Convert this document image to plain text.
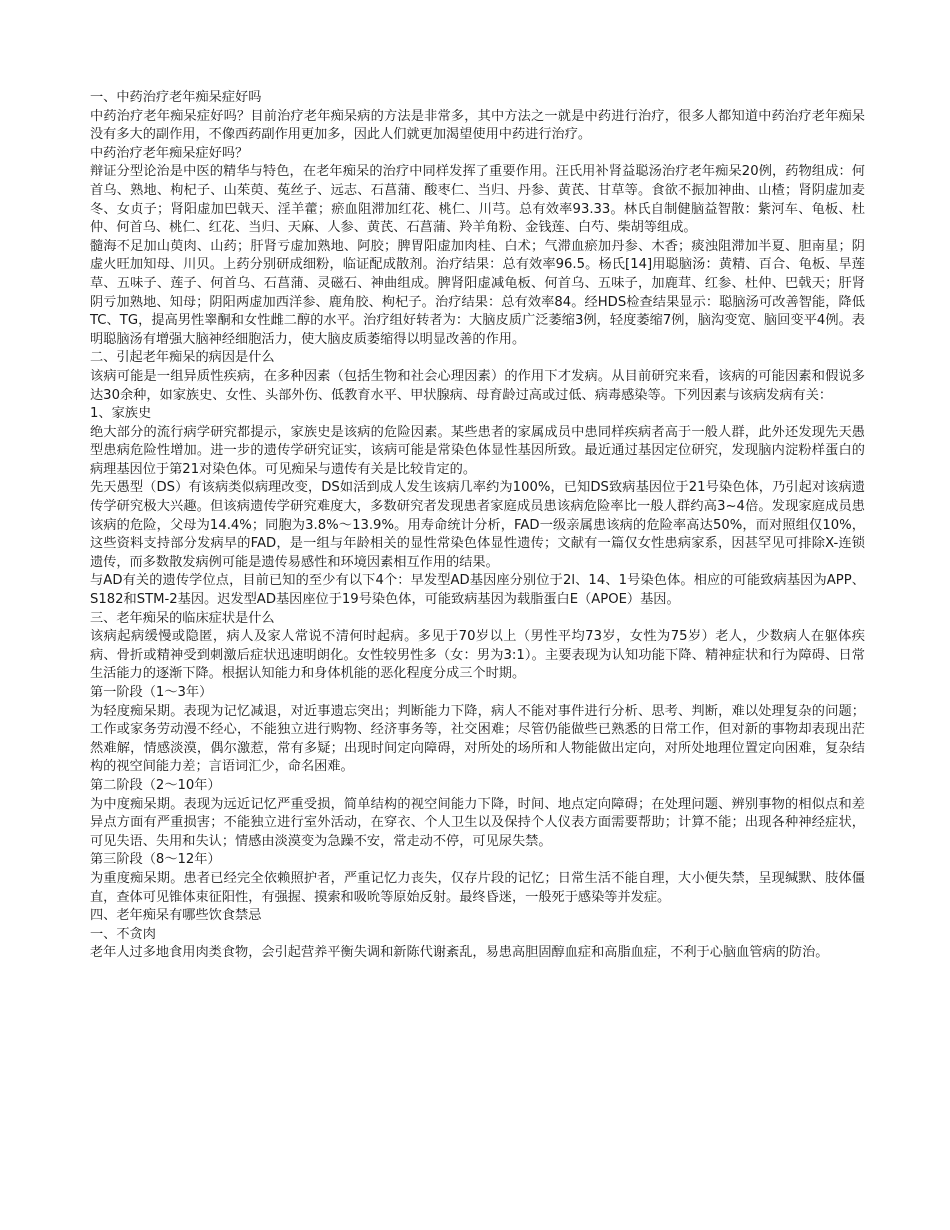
一、中药治疗老年痴呆症好吗

中药治疗老年痴呆症好吗？目前治疗老年痴呆病的方法是非常多，其中方法之一就是中药进行治疗，很多人都知道中药治疗老年痴呆没有多大的副作用，不像西药副作用更加多，因此人们就更加渴望使用中药进行治疗。

中药治疗老年痴呆症好吗？

辩证分型论治是中医的精华与特色，在老年痴呆的治疗中同样发挥了重要作用。汪氏用补肾益聪汤治疗老年痴呆20例，药物组成：何首乌、熟地、枸杞子、山茱萸、菟丝子、远志、石菖蒲、酸枣仁、当归、丹参、黄芪、甘草等。食欲不振加神曲、山楂；肾阴虚加麦冬、女贞子；肾阳虚加巴戟天、淫羊藿；瘀血阻滞加红花、桃仁、川芎。总有效率93.33。林氏自制健脑益智散：紫河车、龟板、杜仲、何首乌、桃仁、红花、当归、天麻、人参、黄芪、石菖蒲、羚羊角粉、金钱莲、白芍、柴胡等组成。

髓海不足加山萸肉、山药；肝肾亏虚加熟地、阿胶；脾胃阳虚加肉桂、白术；气滞血瘀加丹参、木香；痰浊阻滞加半夏、胆南星；阴虚火旺加知母、川贝。上药分别研成细粉，临证配成散剂。治疗结果：总有效率96.5。杨氏[14]用聪脑汤：黄精、百合、龟板、旱莲草、五味子、莲子、何首乌、石菖蒲、灵磁石、神曲组成。脾肾阳虚减龟板、何首乌、五味子，加鹿茸、红参、杜仲、巴戟天；肝肾阴亏加熟地、知母；阴阳两虚加西洋参、鹿角胶、枸杞子。治疗结果：总有效率84。经HDS检查结果显示：聪脑汤可改善智能，降低TC、TG，提高男性睾酮和女性雌二醇的水平。治疗组好转者为：大脑皮质广泛萎缩3例，轻度萎缩7例，脑沟变宽、脑回变平4例。表明聪脑汤有增强大脑神经细胞活力，使大脑皮质萎缩得以明显改善的作用。

二、引起老年痴呆的病因是什么

该病可能是一组异质性疾病，在多种因素（包括生物和社会心理因素）的作用下才发病。从目前研究来看，该病的可能因素和假说多达30余种，如家族史、女性、头部外伤、低教育水平、甲状腺病、母育龄过高或过低、病毒感染等。下列因素与该病发病有关：

1、家族史

绝大部分的流行病学研究都提示，家族史是该病的危险因素。某些患者的家属成员中患同样疾病者高于一般人群，此外还发现先天愚型患病危险性增加。进一步的遗传学研究证实，该病可能是常染色体显性基因所致。最近通过基因定位研究，发现脑内淀粉样蛋白的病理基因位于第21对染色体。可见痴呆与遗传有关是比较肯定的。

先天愚型（DS）有该病类似病理改变，DS如活到成人发生该病几率约为100%，已知DS致病基因位于21号染色体，乃引起对该病遗传学研究极大兴趣。但该病遗传学研究难度大，多数研究者发现患者家庭成员患该病危险率比一般人群约高3~4倍。发现家庭成员患该病的危险，父母为14.4%；同胞为3.8%～13.9%。用寿命统计分析，FAD一级亲属患该病的危险率高达50%，而对照组仅10%，这些资料支持部分发病早的FAD，是一组与年龄相关的显性常染色体显性遗传；文献有一篇仅女性患病家系，因甚罕见可排除X-连锁遗传，而多数散发病例可能是遗传易感性和环境因素相互作用的结果。

与AD有关的遗传学位点，目前已知的至少有以下4个：早发型AD基因座分别位于2l、14、1号染色体。相应的可能致病基因为APP、S182和STM-2基因。迟发型AD基因座位于19号染色体，可能致病基因为载脂蛋白E（APOE）基因。

三、老年痴呆的临床症状是什么

该病起病缓慢或隐匿，病人及家人常说不清何时起病。多见于70岁以上（男性平均73岁，女性为75岁）老人，少数病人在躯体疾病、骨折或精神受到刺激后症状迅速明朗化。女性较男性多（女：男为3:1）。主要表现为认知功能下降、精神症状和行为障碍、日常生活能力的逐渐下降。根据认知能力和身体机能的恶化程度分成三个时期。

第一阶段（1～3年）

为轻度痴呆期。表现为记忆减退，对近事遗忘突出；判断能力下降，病人不能对事件进行分析、思考、判断，难以处理复杂的问题；工作或家务劳动漫不经心，不能独立进行购物、经济事务等，社交困难；尽管仍能做些已熟悉的日常工作，但对新的事物却表现出茫然难解，情感淡漠，偶尔激惹，常有多疑；出现时间定向障碍，对所处的场所和人物能做出定向，对所处地理位置定向困难，复杂结构的视空间能力差；言语词汇少，命名困难。

第二阶段（2～10年）

为中度痴呆期。表现为远近记忆严重受损，简单结构的视空间能力下降，时间、地点定向障碍；在处理问题、辨别事物的相似点和差异点方面有严重损害；不能独立进行室外活动，在穿衣、个人卫生以及保持个人仪表方面需要帮助；计算不能；出现各种神经症状，可见失语、失用和失认；情感由淡漠变为急躁不安，常走动不停，可见尿失禁。

第三阶段（8～12年）

为重度痴呆期。患者已经完全依赖照护者，严重记忆力丧失，仅存片段的记忆；日常生活不能自理，大小便失禁，呈现缄默、肢体僵直，查体可见锥体束征阳性，有强握、摸索和吸吮等原始反射。最终昏迷，一般死于感染等并发症。

四、老年痴呆有哪些饮食禁忌

一、不贪肉

老年人过多地食用肉类食物，会引起营养平衡失调和新陈代谢紊乱，易患高胆固醇血症和高脂血症，不利于心脑血管病的防治。
